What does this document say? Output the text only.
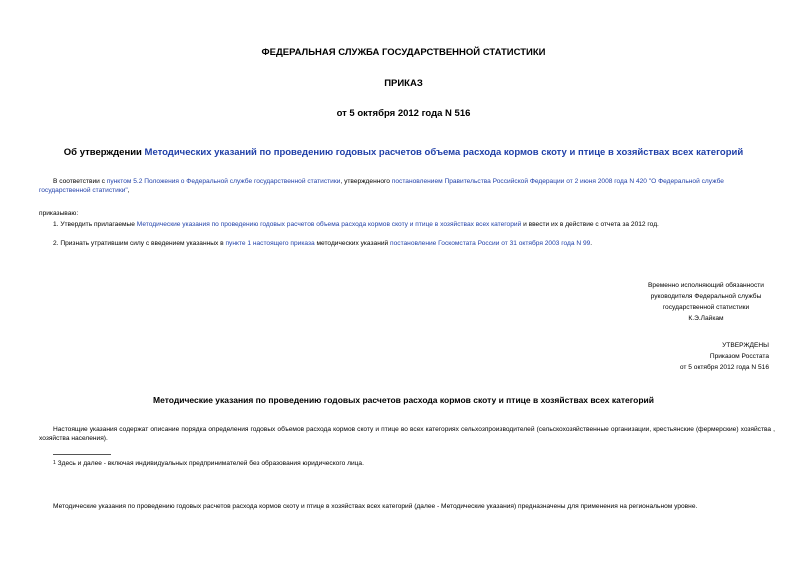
ФЕДЕРАЛЬНАЯ СЛУЖБА ГОСУДАРСТВЕННОЙ СТАТИСТИКИ
ПРИКАЗ
от 5 октября 2012 года N 516
Об утверждении Методических указаний по проведению годовых расчетов объема расхода кормов скоту и птице в хозяйствах всех категорий
В соответствии с пунктом 5.2 Положения о Федеральной службе государственной статистики, утвержденного постановлением Правительства Российской Федерации от 2 июня 2008 года N 420 "О Федеральной службе государственной статистики",
приказываю:
1. Утвердить прилагаемые Методические указания по проведению годовых расчетов объема расхода кормов скоту и птице в хозяйствах всех категорий и ввести их в действие с отчета за 2012 год.
2. Признать утратившим силу с введением указанных в пункте 1 настоящего приказа методических указаний постановление Госкомстата России от 31 октября 2003 года N 99.
Временно исполняющий обязанности
руководителя Федеральной службы
государственной статистики
К.Э.Лайкам
УТВЕРЖДЕНЫ
Приказом Росстата
от 5 октября 2012 года N 516
Методические указания по проведению годовых расчетов расхода кормов скоту и птице в хозяйствах всех категорий
Настоящие указания содержат описание порядка определения годовых объемов расхода кормов скоту и птице во всех категориях сельхозпроизводителей (сельскохозяйственные организации, крестьянские (фермерские) хозяйства , хозяйства населения).
$^1$ Здесь и далее - включая индивидуальных предпринимателей без образования юридического лица.
Методические указания по проведению годовых расчетов расхода кормов скоту и птице в хозяйствах всех категорий (далее - Методические указания) предназначены для применения на региональном уровне.
